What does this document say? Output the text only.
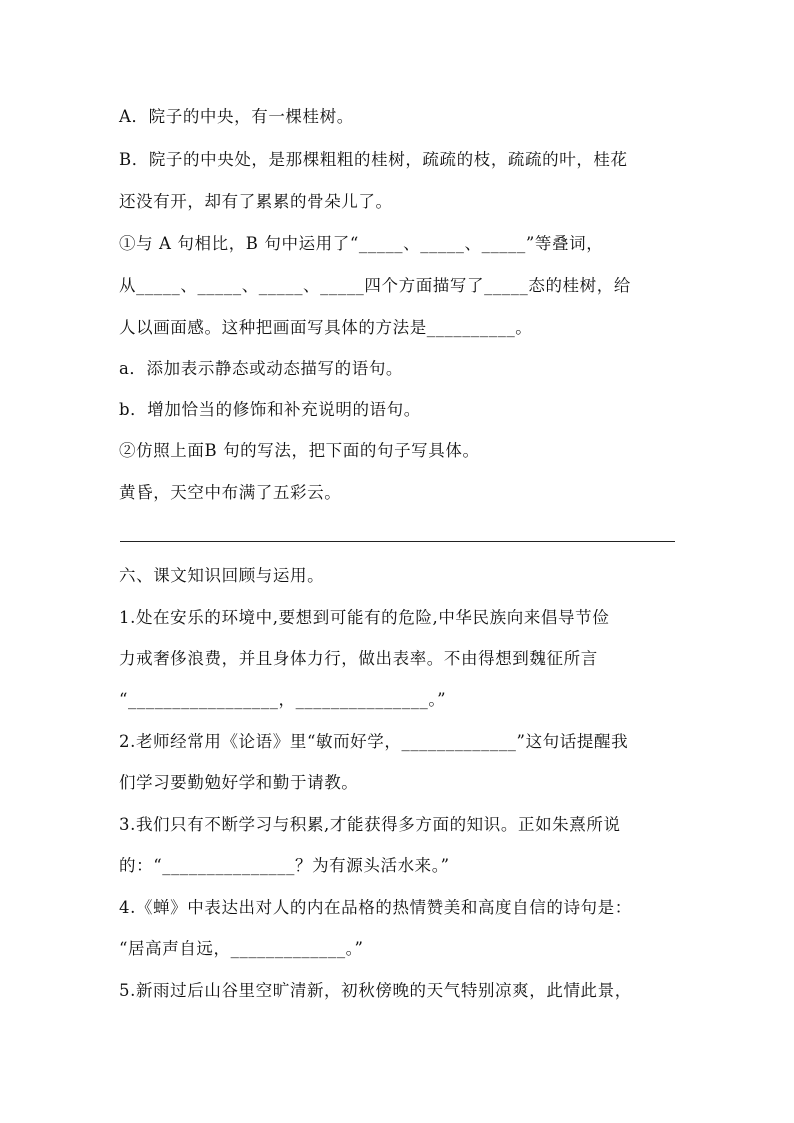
A．院子的中央，有一棵桂树。
B．院子的中央处，是那棵粗粗的桂树，疏疏的枝，疏疏的叶，桂花
还没有开，却有了累累的骨朵儿了。
①与 A 句相比，B 句中运用了“_____、_____、_____”等叠词，
从_____、_____、_____、_____四个方面描写了_____态的桂树，给
人以画面感。这种把画面写具体的方法是__________。
a．添加表示静态或动态描写的语句。
b．增加恰当的修饰和补充说明的语句。
②仿照上面B 句的写法，把下面的句子写具体。
黄昏，天空中布满了五彩云。
六、课文知识回顾与运用。
1.处在安乐的环境中,要想到可能有的危险,中华民族向来倡导节俭
力戒奢侈浪费，并且身体力行，做出表率。不由得想到魏征所言
“_________________，_______________。”
2.老师经常用《论语》里“敏而好学，_____________”这句话提醒我
们学习要勤勉好学和勤于请教。
3.我们只有不断学习与积累,才能获得多方面的知识。正如朱熹所说
的：“_______________？为有源头活水来。”
4.《蝉》中表达出对人的内在品格的热情赞美和高度自信的诗句是：
“居高声自远，_____________。”
5.新雨过后山谷里空旷清新，初秋傍晚的天气特别凉爽，此情此景，
